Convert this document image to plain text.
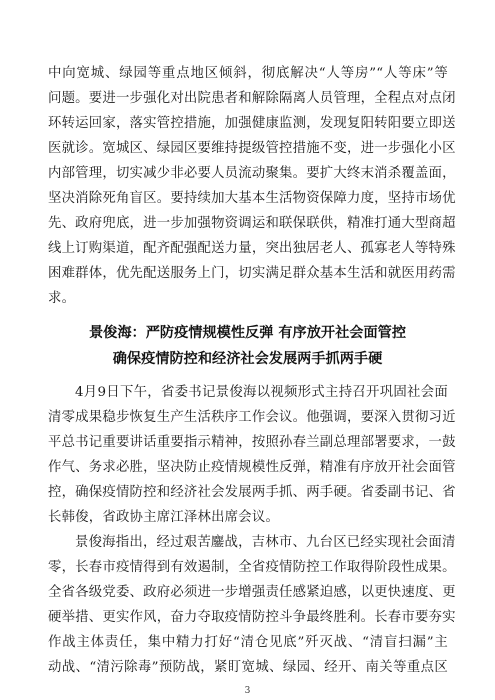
中向宽城、绿园等重点地区倾斜，彻底解决“人等房”“人等床”等
问题。要进一步强化对出院患者和解除隔离人员管理，全程点对点闭
环转运回家，落实管控措施，加强健康监测，发现复阳转阳要立即送
医就诊。宽城区、绿园区要维持提级管控措施不变，进一步强化小区
内部管理，切实减少非必要人员流动聚集。要扩大终末消杀覆盖面，
坚决消除死角盲区。要持续加大基本生活物资保障力度，坚持市场优
先、政府兜底，进一步加强物资调运和联保联供，精准打通大型商超
线上订购渠道，配齐配强配送力量，突出独居老人、孤寡老人等特殊
困难群体，优先配送服务上门，切实满足群众基本生活和就医用药需
求。
景俊海：严防疫情规模性反弹 有序放开社会面管控
确保疫情防控和经济社会发展两手抓两手硬
4月9日下午，省委书记景俊海以视频形式主持召开巩固社会面
清零成果稳步恢复生产生活秩序工作会议。他强调，要深入贯彻习近
平总书记重要讲话重要指示精神，按照孙春兰副总理部署要求，一鼓
作气、务求必胜，坚决防止疫情规模性反弹，精准有序放开社会面管
控，确保疫情防控和经济社会发展两手抓、两手硬。省委副书记、省
长韩俊，省政协主席江泽林出席会议。
景俊海指出，经过艰苦鏖战，吉林市、九台区已经实现社会面清
零，长春市疫情得到有效遏制，全省疫情防控工作取得阶段性成果。
全省各级党委、政府必须进一步增强责任感紧迫感，以更快速度、更
硬举措、更实作风，奋力夺取疫情防控斗争最终胜利。长春市要夯实
作战主体责任，集中精力打好“清仓见底”歼灭战、“清盲扫漏”主
动战、“清污除毒”预防战，紧盯宽城、绿园、经开、南关等重点区
3
